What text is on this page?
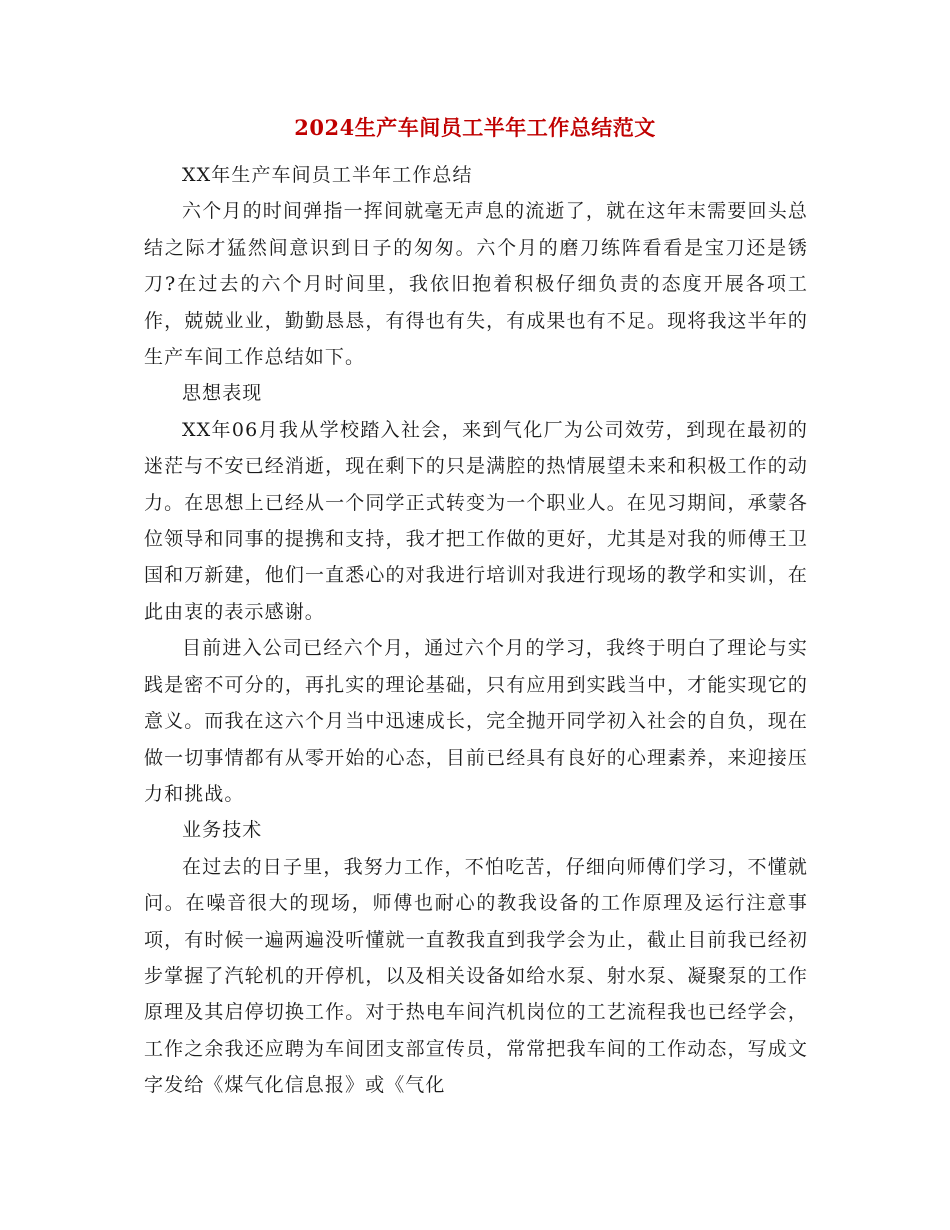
2024生产车间员工半年工作总结范文

XX年生产车间员工半年工作总结

六个月的时间弹指一挥间就毫无声息的流逝了，就在这年末需要回头总结之际才猛然间意识到日子的匆匆。六个月的磨刀练阵看看是宝刀还是锈刀?在过去的六个月时间里，我依旧抱着积极仔细负责的态度开展各项工作，兢兢业业，勤勤恳恳，有得也有失，有成果也有不足。现将我这半年的生产车间工作总结如下。

思想表现

XX年06月我从学校踏入社会，来到气化厂为公司效劳，到现在最初的迷茫与不安已经消逝，现在剩下的只是满腔的热情展望未来和积极工作的动力。在思想上已经从一个同学正式转变为一个职业人。在见习期间，承蒙各位领导和同事的提携和支持，我才把工作做的更好，尤其是对我的师傅王卫国和万新建，他们一直悉心的对我进行培训对我进行现场的教学和实训，在此由衷的表示感谢。

目前进入公司已经六个月，通过六个月的学习，我终于明白了理论与实践是密不可分的，再扎实的理论基础，只有应用到实践当中，才能实现它的意义。而我在这六个月当中迅速成长，完全抛开同学初入社会的自负，现在做一切事情都有从零开始的心态，目前已经具有良好的心理素养，来迎接压力和挑战。

业务技术

在过去的日子里，我努力工作，不怕吃苦，仔细向师傅们学习，不懂就问。在噪音很大的现场，师傅也耐心的教我设备的工作原理及运行注意事项，有时候一遍两遍没听懂就一直教我直到我学会为止，截止目前我已经初步掌握了汽轮机的开停机，以及相关设备如给水泵、射水泵、凝聚泵的工作原理及其启停切换工作。对于热电车间汽机岗位的工艺流程我也已经学会，工作之余我还应聘为车间团支部宣传员，常常把我车间的工作动态，写成文字发给《煤气化信息报》或《气化
